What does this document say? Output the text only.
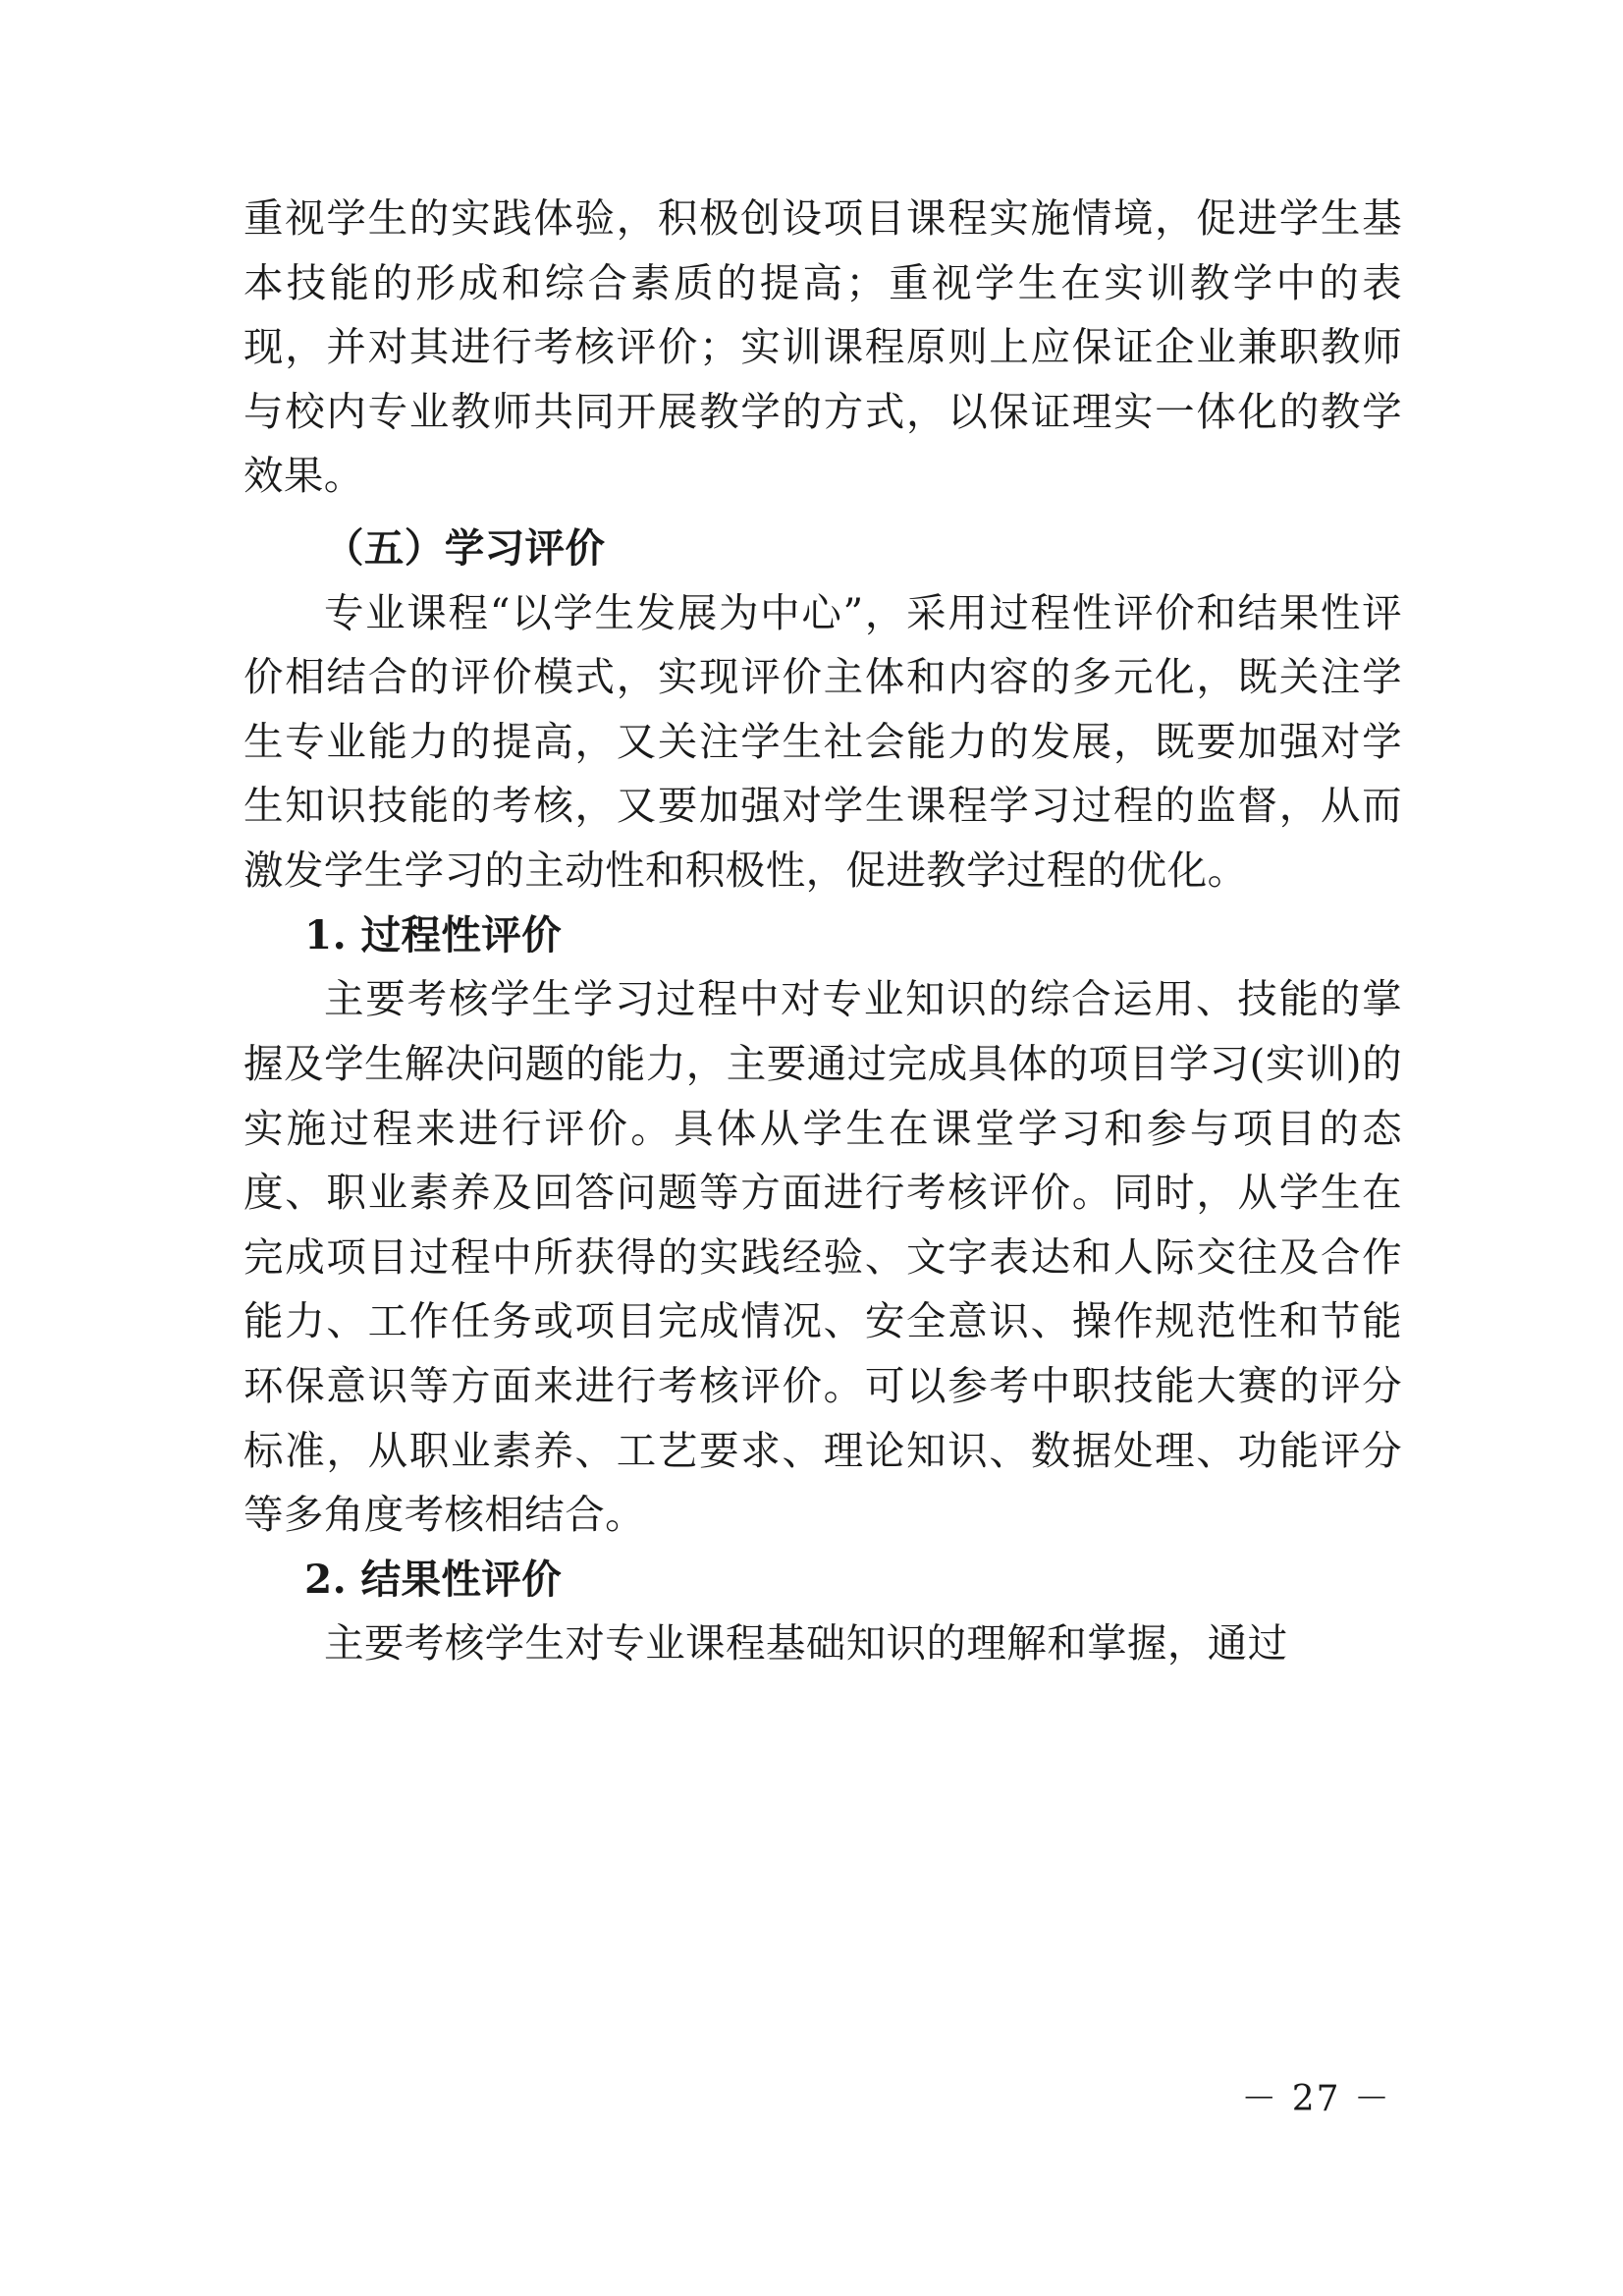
重视学生的实践体验，积极创设项目课程实施情境，促进学生基本技能的形成和综合素质的提高；重视学生在实训教学中的表现，并对其进行考核评价；实训课程原则上应保证企业兼职教师与校内专业教师共同开展教学的方式，以保证理实一体化的教学效果。

（五）学习评价

专业课程“以学生发展为中心”，采用过程性评价和结果性评价相结合的评价模式，实现评价主体和内容的多元化，既关注学生专业能力的提高，又关注学生社会能力的发展，既要加强对学生知识技能的考核，又要加强对学生课程学习过程的监督，从而激发学生学习的主动性和积极性，促进教学过程的优化。

1. 过程性评价

主要考核学生学习过程中对专业知识的综合运用、技能的掌握及学生解决问题的能力，主要通过完成具体的项目学习(实训)的实施过程来进行评价。具体从学生在课堂学习和参与项目的态度、职业素养及回答问题等方面进行考核评价。同时，从学生在完成项目过程中所获得的实践经验、文字表达和人际交往及合作能力、工作任务或项目完成情况、安全意识、操作规范性和节能环保意识等方面来进行考核评价。可以参考中职技能大赛的评分标准，从职业素养、工艺要求、理论知识、数据处理、功能评分等多角度考核相结合。

2. 结果性评价

主要考核学生对专业课程基础知识的理解和掌握，通过

－ 27 －
